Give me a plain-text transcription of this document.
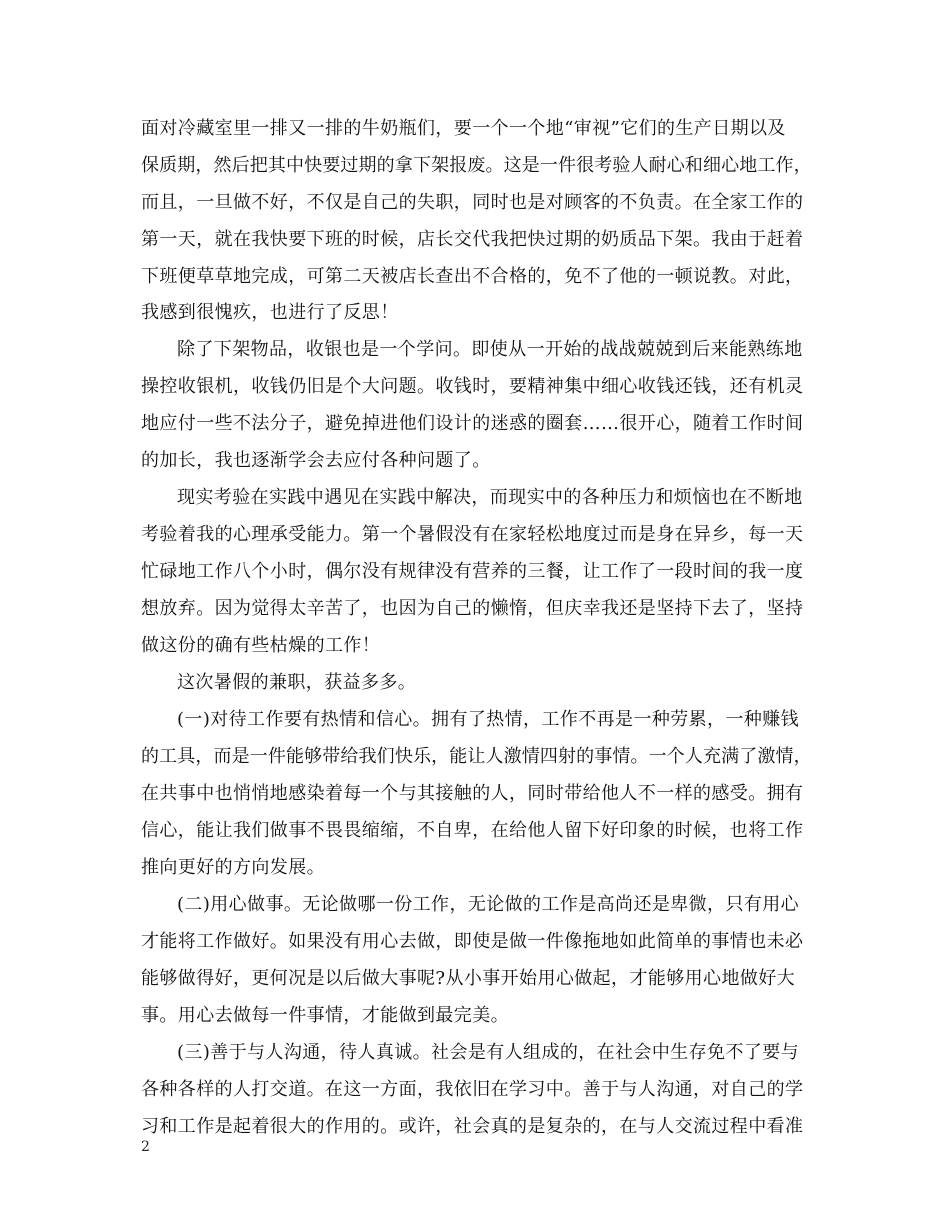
面对冷藏室里一排又一排的牛奶瓶们，要一个一个地“审视”它们的生产日期以及
保质期，然后把其中快要过期的拿下架报废。这是一件很考验人耐心和细心地工作，
而且，一旦做不好，不仅是自己的失职，同时也是对顾客的不负责。在全家工作的
第一天，就在我快要下班的时候，店长交代我把快过期的奶质品下架。我由于赶着
下班便草草地完成，可第二天被店长查出不合格的，免不了他的一顿说教。对此，
我感到很愧疚，也进行了反思！
除了下架物品，收银也是一个学问。即使从一开始的战战兢兢到后来能熟练地
操控收银机，收钱仍旧是个大问题。收钱时，要精神集中细心收钱还钱，还有机灵
地应付一些不法分子，避免掉进他们设计的迷惑的圈套……很开心，随着工作时间
的加长，我也逐渐学会去应付各种问题了。
现实考验在实践中遇见在实践中解决，而现实中的各种压力和烦恼也在不断地
考验着我的心理承受能力。第一个暑假没有在家轻松地度过而是身在异乡，每一天
忙碌地工作八个小时，偶尔没有规律没有营养的三餐，让工作了一段时间的我一度
想放弃。因为觉得太辛苦了，也因为自己的懒惰，但庆幸我还是坚持下去了，坚持
做这份的确有些枯燥的工作！
这次暑假的兼职，获益多多。
(一)对待工作要有热情和信心。拥有了热情，工作不再是一种劳累，一种赚钱
的工具，而是一件能够带给我们快乐，能让人激情四射的事情。一个人充满了激情，
在共事中也悄悄地感染着每一个与其接触的人，同时带给他人不一样的感受。拥有
信心，能让我们做事不畏畏缩缩，不自卑，在给他人留下好印象的时候，也将工作
推向更好的方向发展。
(二)用心做事。无论做哪一份工作，无论做的工作是高尚还是卑微，只有用心
才能将工作做好。如果没有用心去做，即使是做一件像拖地如此简单的事情也未必
能够做得好，更何况是以后做大事呢?从小事开始用心做起，才能够用心地做好大
事。用心去做每一件事情，才能做到最完美。
(三)善于与人沟通，待人真诚。社会是有人组成的，在社会中生存免不了要与
各种各样的人打交道。在这一方面，我依旧在学习中。善于与人沟通，对自己的学
习和工作是起着很大的作用的。或许，社会真的是复杂的，在与人交流过程中看准
2
